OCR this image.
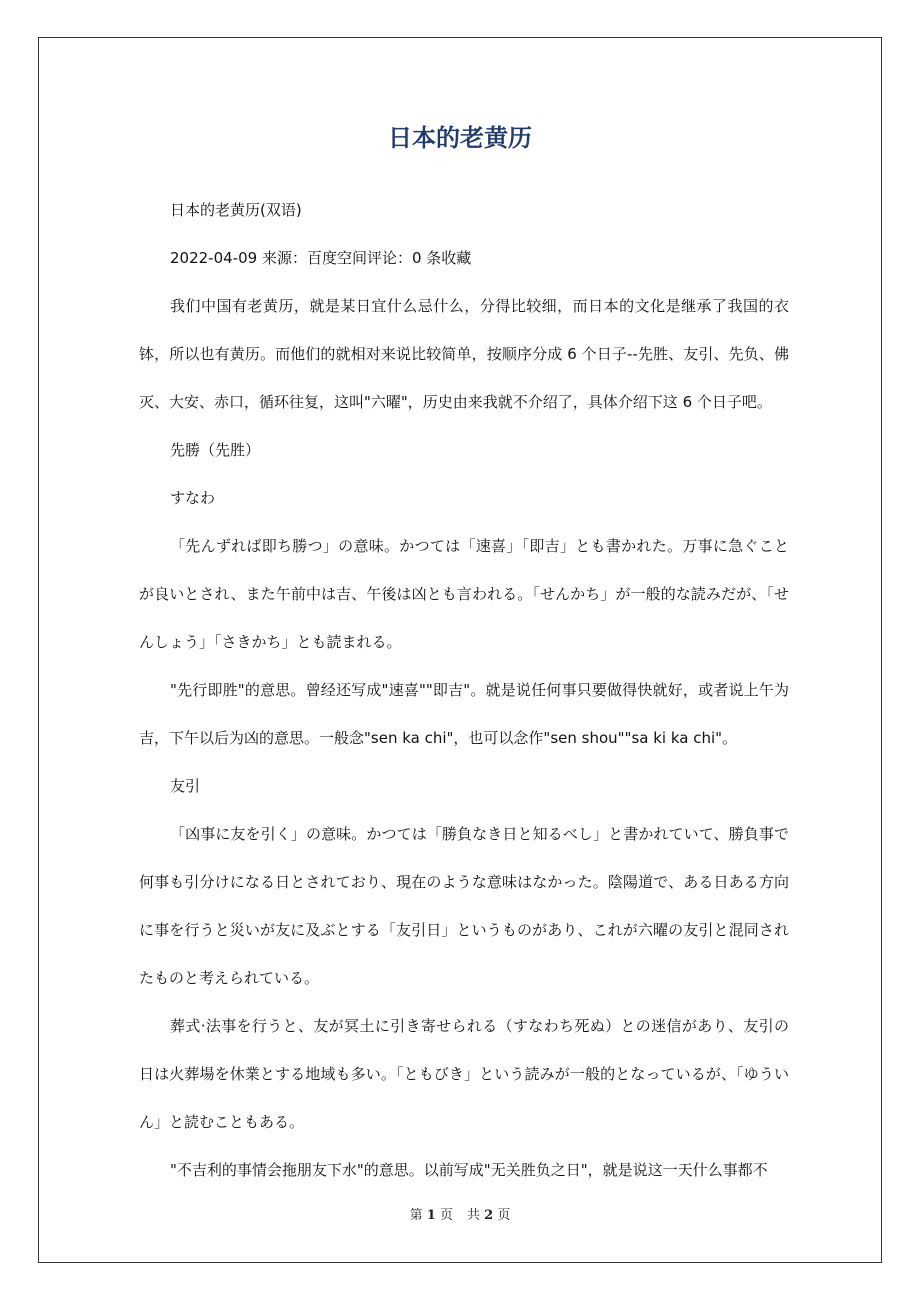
日本的老黄历

日本的老黄历(双语)

2022-04-09 来源：百度空间评论：0 条收藏

我们中国有老黄历，就是某日宜什么忌什么，分得比较细，而日本的文化是继承了我国的衣钵，所以也有黄历。而他们的就相对来说比较简单，按顺序分成 6 个日子--先胜、友引、先负、佛灭、大安、赤口，循环往复，这叫"六曜"，历史由来我就不介绍了，具体介绍下这 6 个日子吧。

先勝（先胜）

すなわ

「先んずれば即ち勝つ」の意味。かつては「速喜」「即吉」とも書かれた。万事に急ぐことが良いとされ、また午前中は吉、午後は凶とも言われる。「せんかち」が一般的な読みだが、「せんしょう」「さきかち」とも読まれる。

"先行即胜"的意思。曾经还写成"速喜""即吉"。就是说任何事只要做得快就好，或者说上午为吉，下午以后为凶的意思。一般念"sen ka chi"，也可以念作"sen shou""sa ki ka chi"。

友引

「凶事に友を引く」の意味。かつては「勝負なき日と知るべし」と書かれていて、勝負事で何事も引分けになる日とされており、現在のような意味はなかった。陰陽道で、ある日ある方向に事を行うと災いが友に及ぶとする「友引日」というものがあり、これが六曜の友引と混同されたものと考えられている。

葬式·法事を行うと、友が冥土に引き寄せられる（すなわち死ぬ）との迷信があり、友引の日は火葬場を休業とする地域も多い。「ともびき」という読みが一般的となっているが、「ゆういん」と読むこともある。

"不吉利的事情会拖朋友下水"的意思。以前写成"无关胜负之日"，就是说这一天什么事都不

第 1 页 共 2 页
